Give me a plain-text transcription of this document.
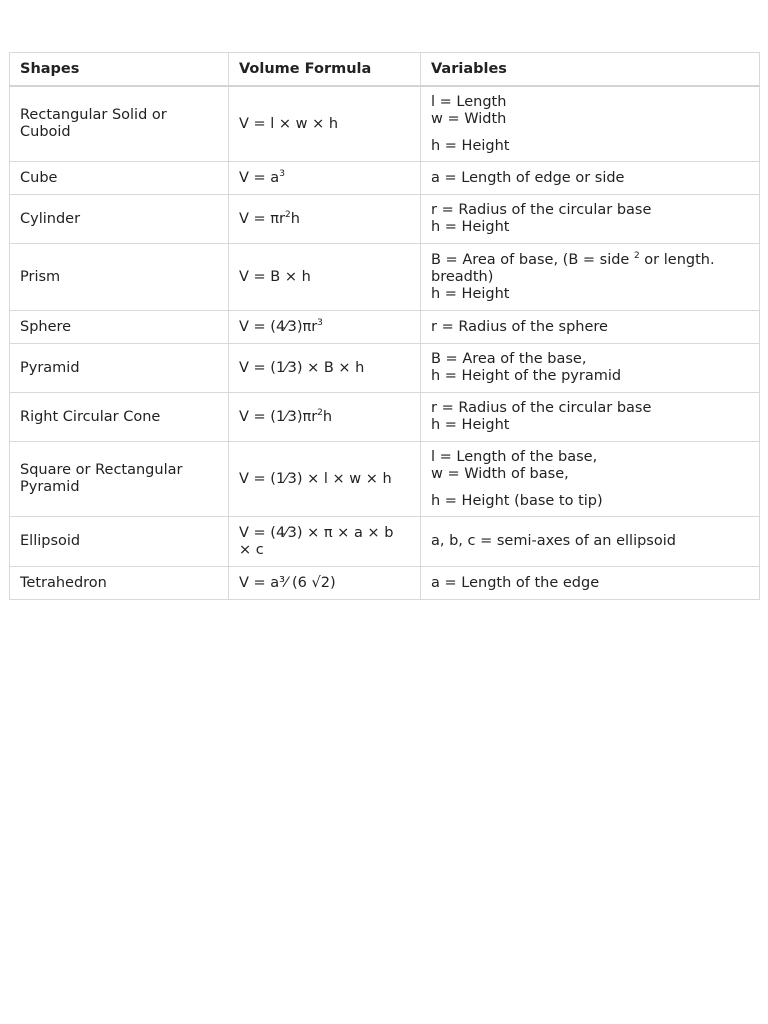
Shapes	Volume Formula	Variables
Rectangular Solid or Cuboid	V = l × w × h	l = Length
w = Width
h = Height

Cube	$V = a^3$	a = Length of edge or side
Cylinder	$V = \pi r^2h$	r = Radius of the circular base
h = Height

Prism	V = B × h	B = Area of base, (B = side $^2$ or length.
breadth)
h = Height

Sphere	$V = (4⁄3)\pi r^3$	r = Radius of the sphere
Pyramid	V = (1⁄3) × B × h	B = Area of the base,
h = Height of the pyramid

Right Circular Cone	$V = (1⁄3)\pi r^2h$	r = Radius of the circular base
h = Height

Square or Rectangular Pyramid	V = (1⁄3) × l × w × h	l = Length of the base,
w = Width of base,
h = Height (base to tip)

Ellipsoid	V = (4⁄3) × π × a × b × c	a, b, c = semi-axes of an ellipsoid
Tetrahedron	V = a³⁄ (6 √2)	a = Length of the edge
